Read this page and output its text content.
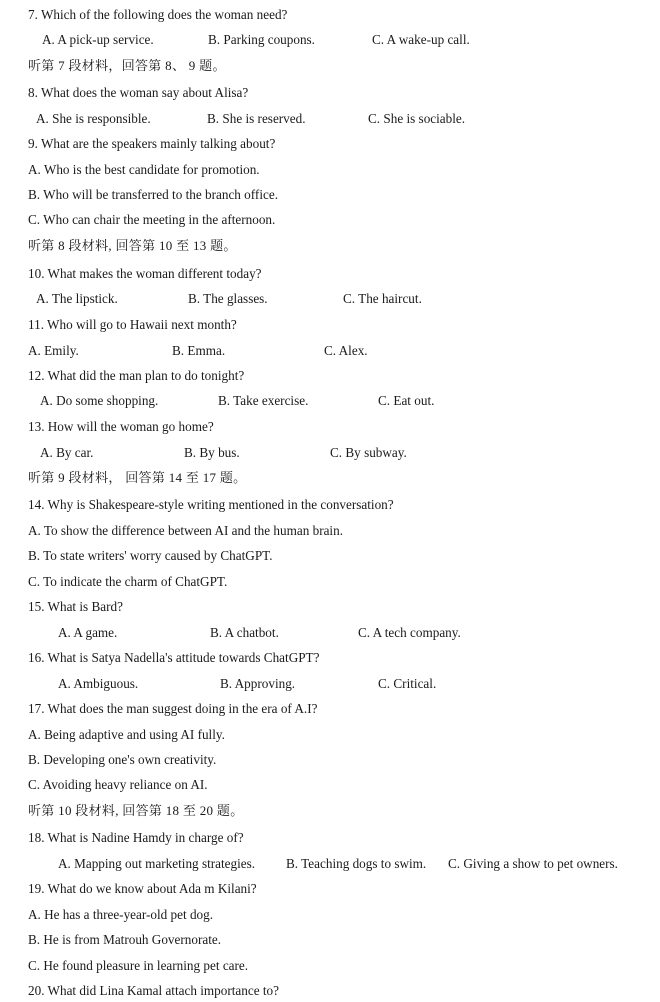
7. Which of the following does the woman need?
A. A pick-up service.	B. Parking coupons.	C. A wake-up call.
听第 7 段材料，回答第 8、 9 题。
8. What does the woman say about Alisa?
A. She is responsible.	B. She is reserved.	C. She is sociable.
9. What are the speakers mainly talking about?
A. Who is the best candidate for promotion.
B. Who will be transferred to the branch office.
C. Who can chair the meeting in the afternoon.
听第 8 段材料, 回答第 10 至 13 题。
10. What makes the woman different today?
A. The lipstick.	B. The glasses.	C. The haircut.
11. Who will go to Hawaii next month?
A. Emily.	B. Emma.	C. Alex.
12. What did the man plan to do tonight?
A. Do some shopping.	B. Take exercise.	C. Eat out.
13. How will the woman go home?
A. By car.	B. By bus.	C. By subway.
听第 9 段材料， 回答第 14 至 17 题。
14. Why is Shakespeare-style writing mentioned in the conversation?
A. To show the difference between AI and the human brain.
B. To state writers' worry caused by ChatGPT.
C. To indicate the charm of ChatGPT.
15. What is Bard?
A. A game.	B. A chatbot.	C. A tech company.
16. What is Satya Nadella's attitude towards ChatGPT?
A. Ambiguous.	B. Approving.	C. Critical.
17. What does the man suggest doing in the era of A.I?
A. Being adaptive and using AI fully.
B. Developing one's own creativity.
C. Avoiding heavy reliance on AI.
听第 10 段材料, 回答第 18 至 20 题。
18. What is Nadine Hamdy in charge of?
A. Mapping out marketing strategies. B. Teaching dogs to swim. C. Giving a show to pet owners.
19. What do we know about Ada m Kilani?
A. He has a three-year-old pet dog.
B. He is from Matrouh Governorate.
C. He found pleasure in learning pet care.
20. What did Lina Kamal attach importance to?
